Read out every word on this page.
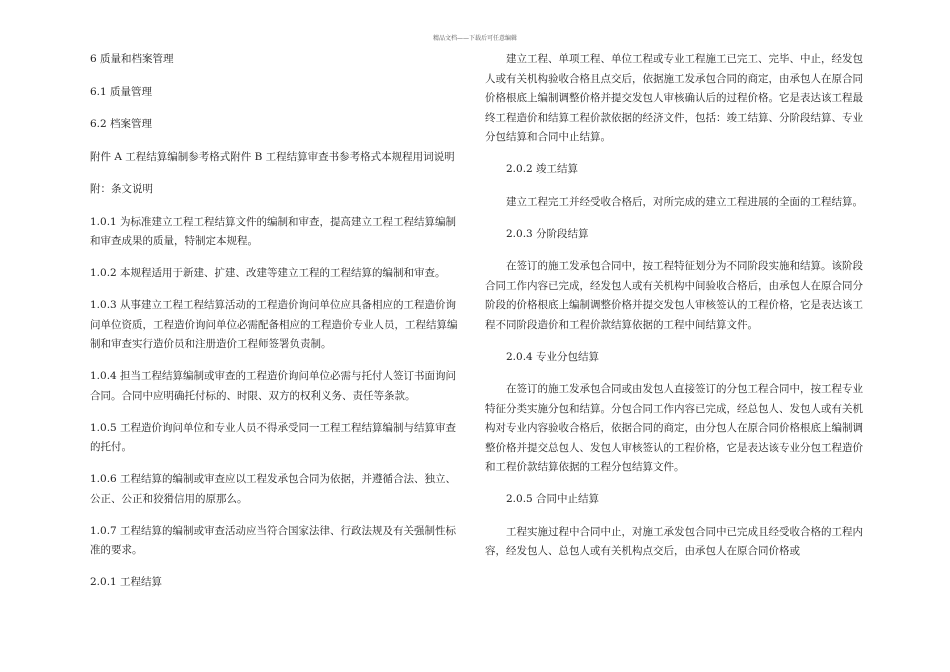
精品文档——下载后可任意编辑
6 质量和档案管理
6.1 质量管理
6.2 档案管理
附件 A 工程结算编制参考格式附件 B 工程结算审查书参考格式本规程用词说明
附：条文说明
1.0.1 为标准建立工程工程结算文件的编制和审查，提高建立工程工程结算编制和审查成果的质量，特制定本规程。
1.0.2 本规程适用于新建、扩建、改建等建立工程的工程结算的编制和审查。
1.0.3 从事建立工程工程结算活动的工程造价询问单位应具备相应的工程造价询问单位资质，工程造价询问单位必需配备相应的工程造价专业人员，工程结算编制和审查实行造价员和注册造价工程师签署负责制。
1.0.4 担当工程结算编制或审查的工程造价询问单位必需与托付人签订书面询问合同。合同中应明确托付标的、时限、双方的权利义务、责任等条款。
1.0.5 工程造价询问单位和专业人员不得承受同一工程工程结算编制与结算审查的托付。
1.0.6 工程结算的编制或审查应以工程发承包合同为依据，并遵循合法、独立、公正、公正和狡猾信用的原那么。
1.0.7 工程结算的编制或审查活动应当符合国家法律、行政法规及有关强制性标准的要求。
2.0.1 工程结算
建立工程、单项工程、单位工程或专业工程施工已完工、完毕、中止，经发包人或有关机构验收合格且点交后，依据施工发承包合同的商定，由承包人在原合同价格根底上编制调整价格并提交发包人审核确认后的过程价格。它是表达该工程最终工程造价和结算工程价款依据的经济文件，包括：竣工结算、分阶段结算、专业分包结算和合同中止结算。
2.0.2 竣工结算
建立工程完工并经受收合格后，对所完成的建立工程进展的全面的工程结算。
2.0.3 分阶段结算
在签订的施工发承包合同中，按工程特征划分为不同阶段实施和结算。该阶段合同工作内容已完成，经发包人或有关机构中间验收合格后，由承包人在原合同分阶段的价格根底上编制调整价格并提交发包人审核签认的工程价格，它是表达该工程不同阶段造价和工程价款结算依据的工程中间结算文件。
2.0.4 专业分包结算
在签订的施工发承包合同或由发包人直接签订的分包工程合同中，按工程专业特征分类实施分包和结算。分包合同工作内容已完成，经总包人、发包人或有关机构对专业内容验收合格后，依据合同的商定，由分包人在原合同价格根底上编制调整价格并提交总包人、发包人审核签认的工程价格，它是表达该专业分包工程造价和工程价款结算依据的工程分包结算文件。
2.0.5 合同中止结算
工程实施过程中合同中止，对施工承发包合同中已完成且经受收合格的工程内容，经发包人、总包人或有关机构点交后，由承包人在原合同价格或
